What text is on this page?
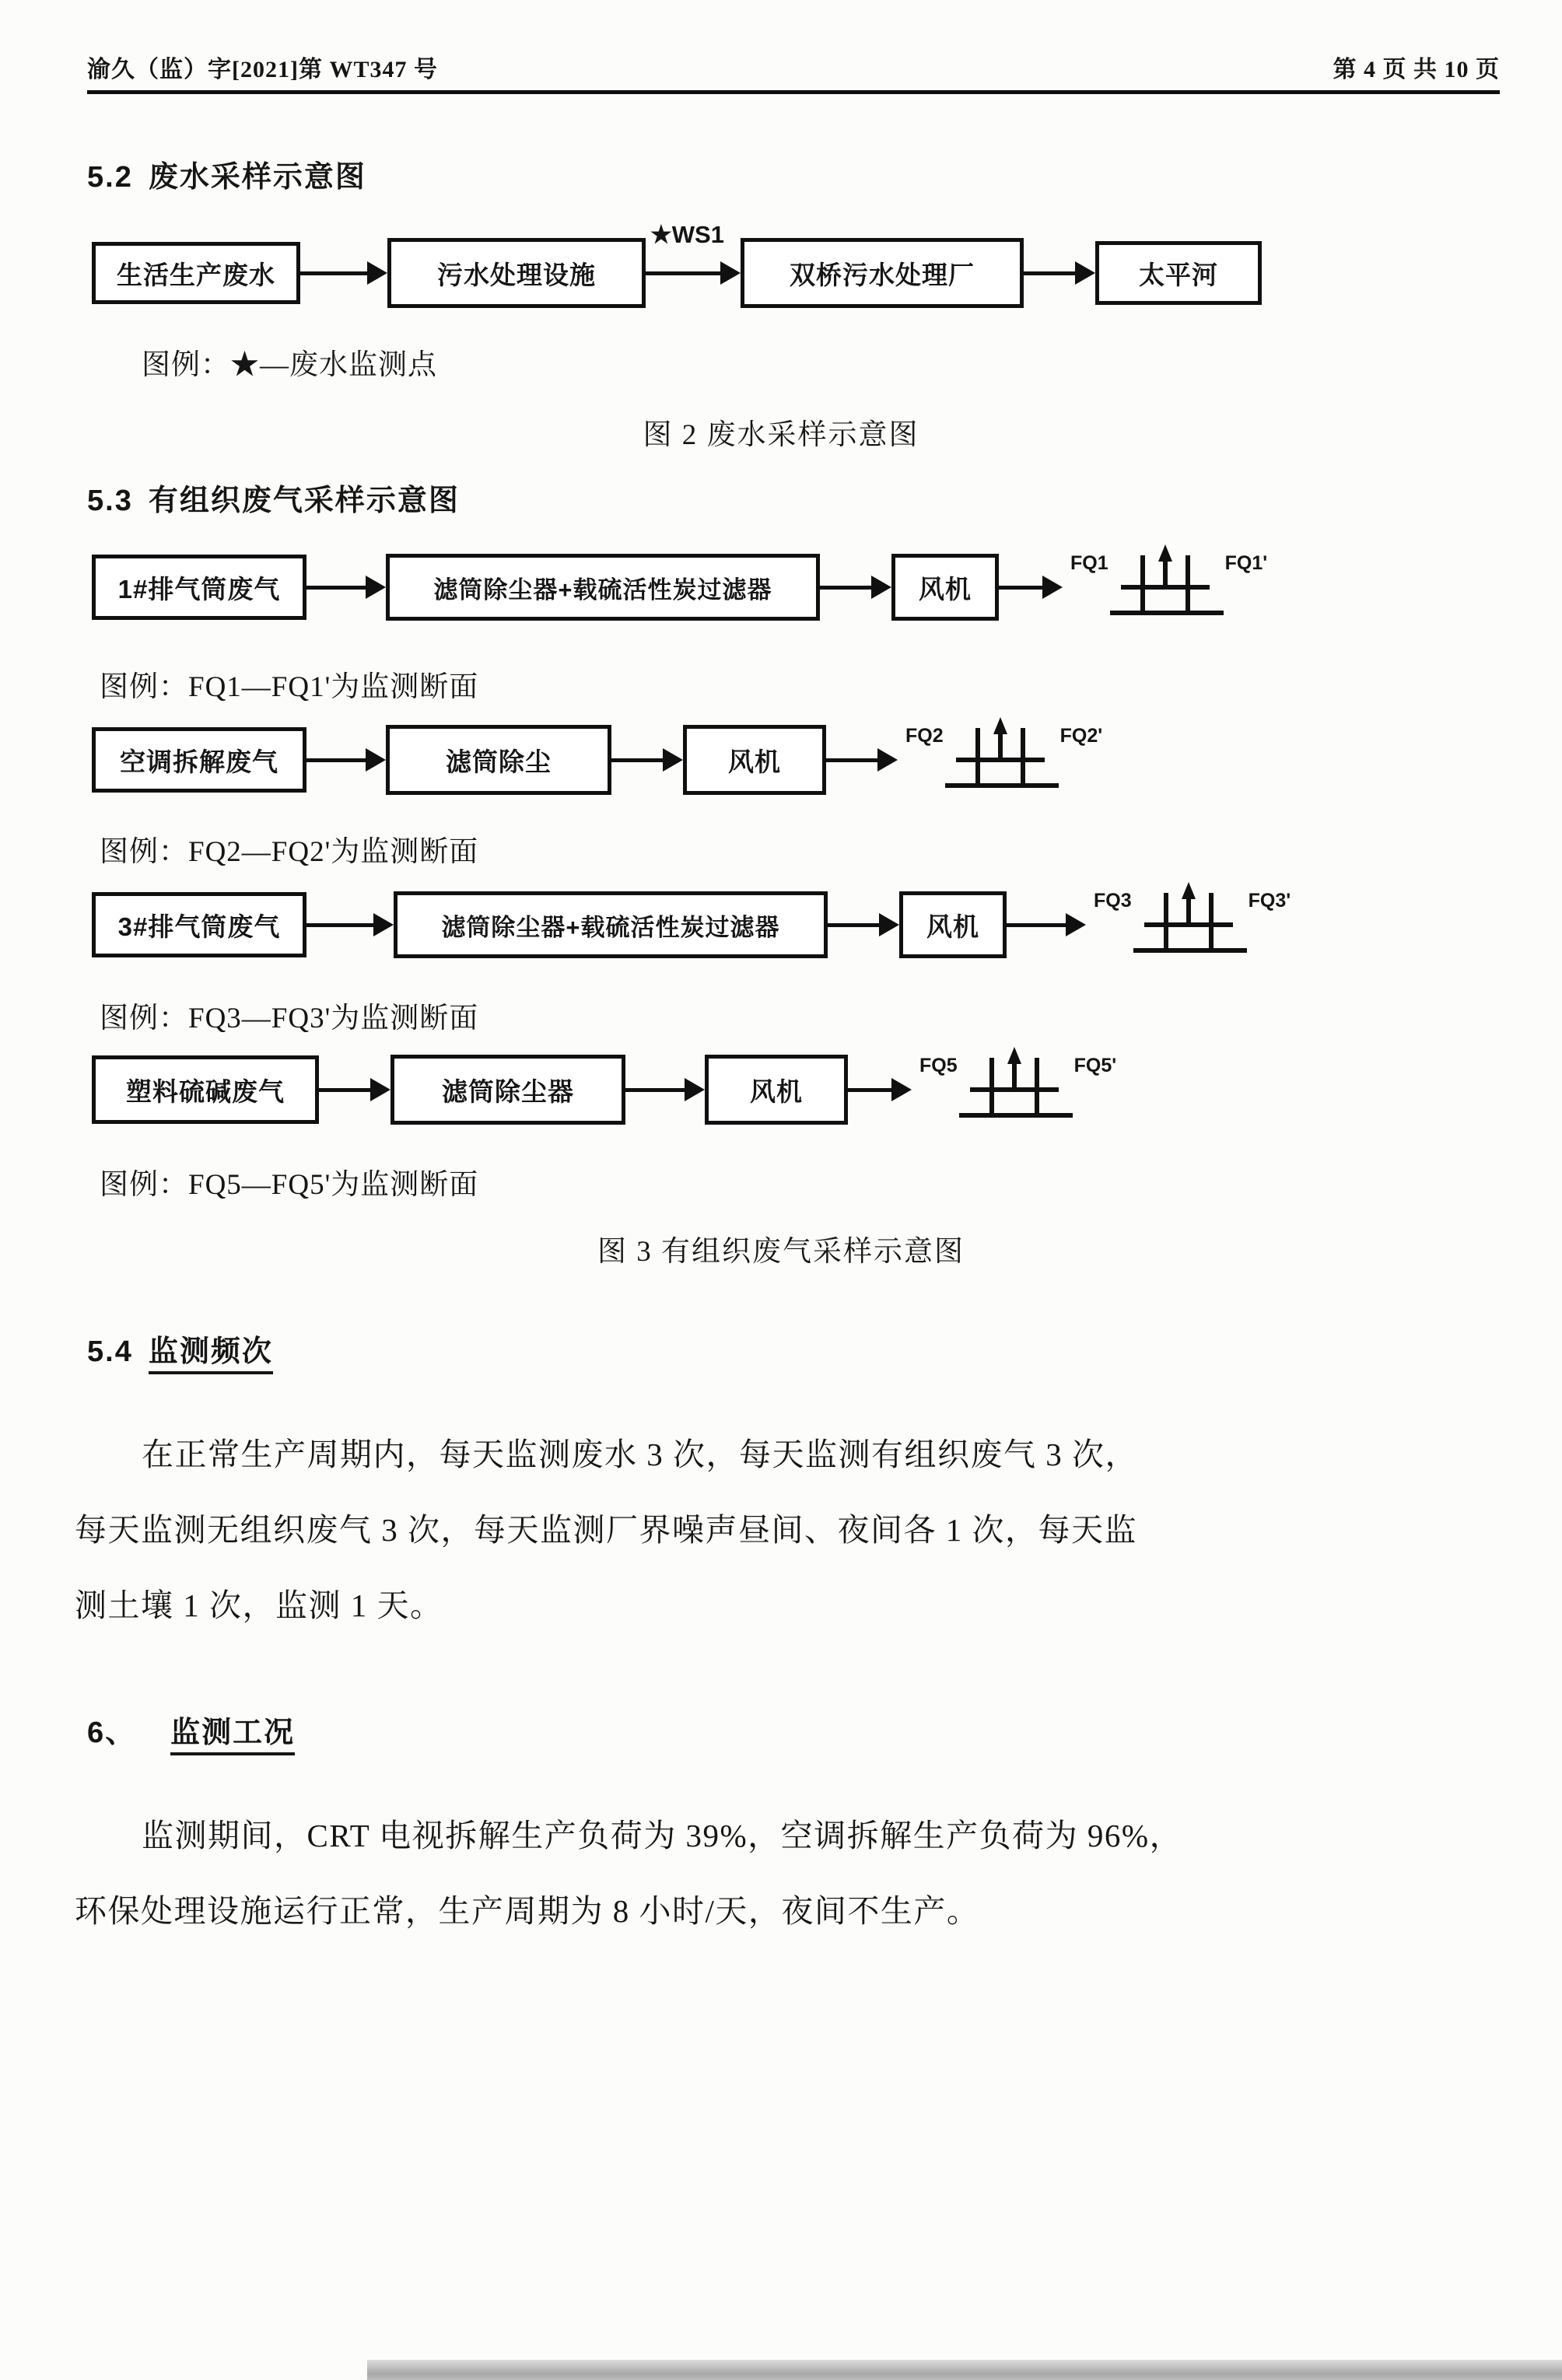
渝久（监）字[2021]第 WT347 号	第 4 页 共 10 页
5.2 废水采样示意图
生活生产废水	污水处理设施
★WS1
双桥污水处理厂	太平河
图例：★—废水监测点
图 2 废水采样示意图
5.3 有组织废气采样示意图
1#排气筒废气	滤筒除尘器+载硫活性炭过滤器	风机
FQ1	FQ1'
图例：FQ1—FQ1'为监测断面
空调拆解废气	滤筒除尘	风机
FQ2	FQ2'
图例：FQ2—FQ2'为监测断面
3#排气筒废气	滤筒除尘器+载硫活性炭过滤器	风机
FQ3	FQ3'
图例：FQ3—FQ3'为监测断面
塑料硫碱废气	滤筒除尘器	风机
FQ5	FQ5'
图例：FQ5—FQ5'为监测断面
图 3 有组织废气采样示意图
5.4 监测频次
在正常生产周期内，每天监测废水 3 次，每天监测有组织废气 3 次，
每天监测无组织废气 3 次，每天监测厂界噪声昼间、夜间各 1 次，每天监
测土壤 1 次，监测 1 天。
6、 监测工况
监测期间，CRT 电视拆解生产负荷为 39%，空调拆解生产负荷为 96%，
环保处理设施运行正常，生产周期为 8 小时/天，夜间不生产。
